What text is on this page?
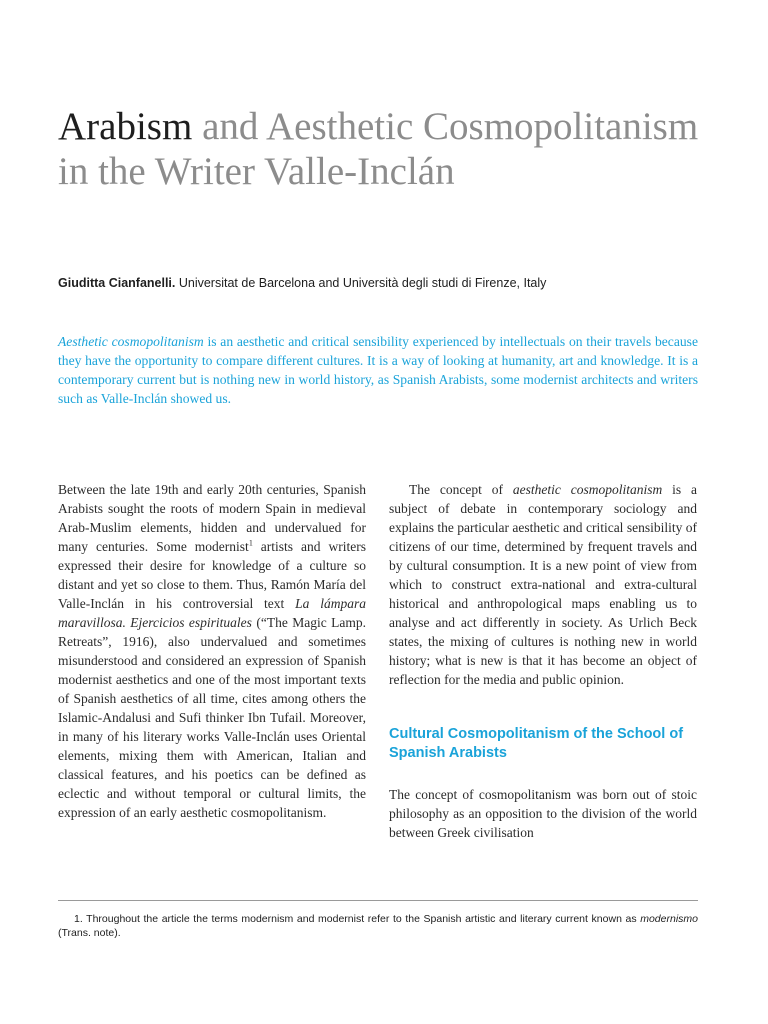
Arabism and Aesthetic Cosmopolitanism in the Writer Valle-Inclán

Giuditta Cianfanelli. Universitat de Barcelona and Università degli studi di Firenze, Italy

Aesthetic cosmopolitanism is an aesthetic and critical sensibility experienced by intellectuals on their travels because they have the opportunity to compare different cultures. It is a way of looking at humanity, art and knowledge. It is a contemporary current but is nothing new in world history, as Spanish Arabists, some modernist architects and writers such as Valle-Inclán showed us.

Between the late 19th and early 20th centuries, Spanish Arabists sought the roots of modern Spain in medieval Arab-Muslim elements, hidden and undervalued for many centuries. Some modernist$^1$ artists and writers expressed their desire for knowledge of a culture so distant and yet so close to them. Thus, Ramón María del Valle-Inclán in his controversial text La lámpara maravillosa. Ejercicios espirituales (“The Magic Lamp. Retreats”, 1916), also undervalued and sometimes misunderstood and considered an expression of Spanish modernist aesthetics and one of the most important texts of Spanish aesthetics of all time, cites among others the Islamic-Andalusi and Sufi thinker Ibn Tufail. Moreover, in many of his literary works Valle-Inclán uses Oriental elements, mixing them with American, Italian and classical features, and his poetics can be defined as eclectic and without temporal or cultural limits, the expression of an early aesthetic cosmopolitanism.

The concept of aesthetic cosmopolitanism is a subject of debate in contemporary sociology and explains the particular aesthetic and critical sensibility of citizens of our time, determined by frequent travels and by cultural consumption. It is a new point of view from which to construct extra-national and extra-cultural historical and anthropological maps enabling us to analyse and act differently in society. As Urlich Beck states, the mixing of cultures is nothing new in world history; what is new is that it has become an object of reflection for the media and public opinion.

Cultural Cosmopolitanism of the School of Spanish Arabists

The concept of cosmopolitanism was born out of stoic philosophy as an opposition to the division of the world between Greek civilisation

1. Throughout the article the terms modernism and modernist refer to the Spanish artistic and literary current known as modernismo (Trans. note).
